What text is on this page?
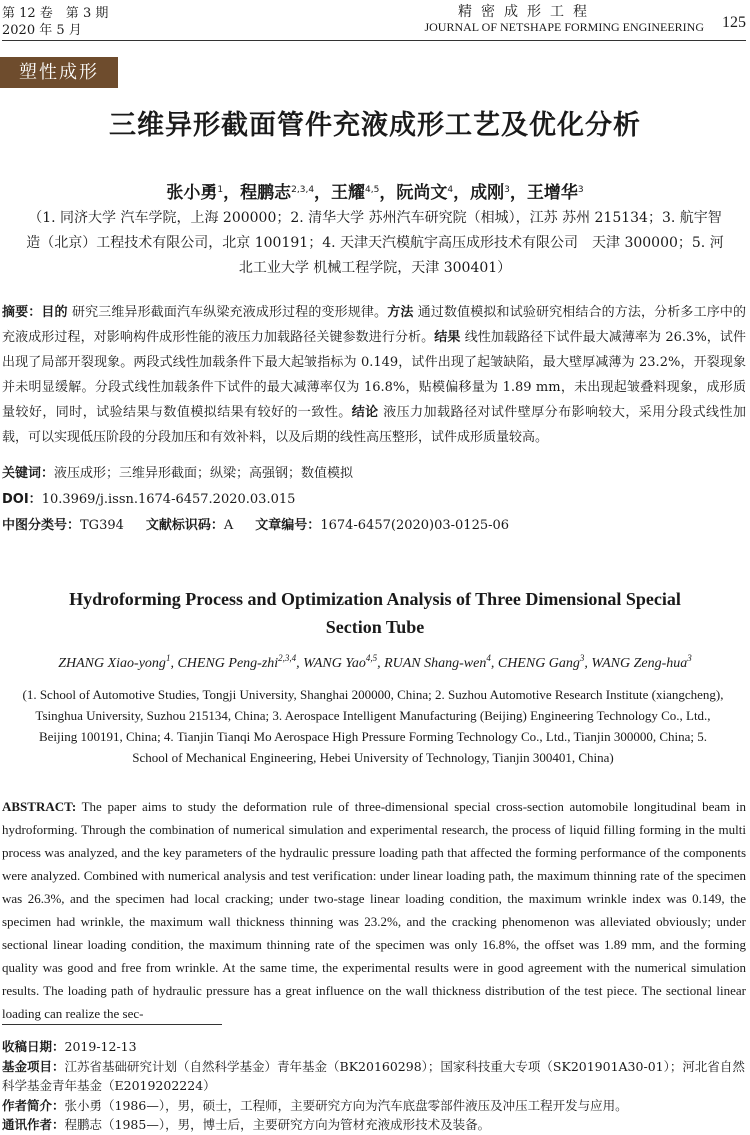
第 12 卷　第 3 期
2020 年 5 月
精密成形工程
JOURNAL OF NETSHAPE FORMING ENGINEERING 125
塑性成形
三维异形截面管件充液成形工艺及优化分析
张小勇$^1$，程鹏志$^{2,3,4}$，王耀$^{4,5}$，阮尚文$^4$，成刚$^3$，王增华$^3$
（1. 同济大学 汽车学院，上海 200000；2. 清华大学 苏州汽车研究院（相城），江苏 苏州 215134；3. 航宇智造（北京）工程技术有限公司，北京 100191；4. 天津天汽模航宇高压成形技术有限公司　天津 300000；5. 河北工业大学 机械工程学院，天津 300401）
摘要：目的 研究三维异形截面汽车纵梁充液成形过程的变形规律。方法 通过数值模拟和试验研究相结合的方法，分析多工序中的充液成形过程，对影响构件成形性能的液压力加载路径关键参数进行分析。结果 线性加载路径下试件最大减薄率为 26.3%，试件出现了局部开裂现象。两段式线性加载条件下最大起皱指标为 0.149，试件出现了起皱缺陷，最大壁厚减薄为 23.2%，开裂现象并未明显缓解。分段式线性加载条件下试件的最大减薄率仅为 16.8%，贴模偏移量为 1.89 mm，未出现起皱叠料现象，成形质量较好，同时，试验结果与数值模拟结果有较好的一致性。结论 液压力加载路径对试件壁厚分布影响较大，采用分段式线性加载，可以实现低压阶段的分段加压和有效补料，以及后期的线性高压整形，试件成形质量较高。
关键词：液压成形；三维异形截面；纵梁；高强钢；数值模拟
DOI：10.3969/j.issn.1674-6457.2020.03.015
中图分类号：TG394 文献标识码：A 文章编号：1674-6457(2020)03-0125-06
Hydroforming Process and Optimization Analysis of Three Dimensional Special Section Tube
ZHANG Xiao-yong$^1$, CHENG Peng-zhi$^{2,3,4}$, WANG Yao$^{4,5}$, RUAN Shang-wen$^4$, CHENG Gang$^3$, WANG Zeng-hua$^3$
(1. School of Automotive Studies, Tongji University, Shanghai 200000, China; 2. Suzhou Automotive Research Institute (xiangcheng), Tsinghua University, Suzhou 215134, China; 3. Aerospace Intelligent Manufacturing (Beijing) Engineering Technology Co., Ltd., Beijing 100191, China; 4. Tianjin Tianqi Mo Aerospace High Pressure Forming Technology Co., Ltd., Tianjin 300000, China; 5. School of Mechanical Engineering, Hebei University of Technology, Tianjin 300401, China)
ABSTRACT: The paper aims to study the deformation rule of three-dimensional special cross-section automobile longitudinal beam in hydroforming. Through the combination of numerical simulation and experimental research, the process of liquid filling forming in the multi process was analyzed, and the key parameters of the hydraulic pressure loading path that affected the forming performance of the components were analyzed. Combined with numerical analysis and test verification: under linear loading path, the maximum thinning rate of the specimen was 26.3%, and the specimen had local cracking; under two-stage linear loading condition, the maximum wrinkle index was 0.149, the specimen had wrinkle, the maximum wall thickness thinning was 23.2%, and the cracking phenomenon was alleviated obviously; under sectional linear loading condition, the maximum thinning rate of the specimen was only 16.8%, the offset was 1.89 mm, and the forming quality was good and free from wrinkle. At the same time, the experimental results were in good agreement with the numerical simulation results. The loading path of hydraulic pressure has a great influence on the wall thickness distribution of the test piece. The sectional linear loading can realize the sec-
收稿日期：2019-12-13
基金项目：江苏省基础研究计划（自然科学基金）青年基金（BK20160298）；国家科技重大专项（SK201901A30-01）；河北省自然科学基金青年基金（E2019202224）
作者简介：张小勇（1986—），男，硕士，工程师，主要研究方向为汽车底盘零部件液压及冲压工程开发与应用。
通讯作者：程鹏志（1985—），男，博士后，主要研究方向为管材充液成形技术及装备。
